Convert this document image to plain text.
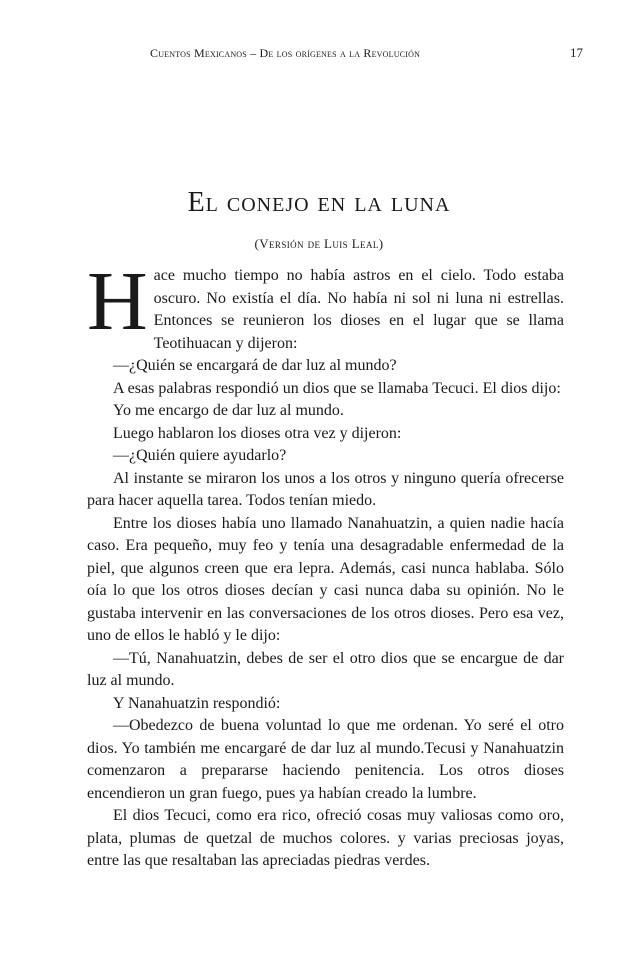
Cuentos Mexicanos – De los orígenes a la Revolución	17
El conejo en la luna
(Versión de Luis Leal)

Hace mucho tiempo no había astros en el cielo. Todo estaba oscuro. No existía el día. No había ni sol ni luna ni estrellas. Entonces se reunieron los dioses en el lugar que se llama Teotihuacan y dijeron:

—¿Quién se encargará de dar luz al mundo?

A esas palabras respondió un dios que se llamaba Tecuci. El dios dijo:

Yo me encargo de dar luz al mundo.

Luego hablaron los dioses otra vez y dijeron:

—¿Quién quiere ayudarlo?

Al instante se miraron los unos a los otros y ninguno quería ofrecerse para hacer aquella tarea. Todos tenían miedo.

Entre los dioses había uno llamado Nanahuatzin, a quien nadie hacía caso. Era pequeño, muy feo y tenía una desagradable enfermedad de la piel, que algunos creen que era lepra. Además, casi nunca hablaba. Sólo oía lo que los otros dioses decían y casi nunca daba su opinión. No le gustaba intervenir en las conversaciones de los otros dioses. Pero esa vez, uno de ellos le habló y le dijo:

—Tú, Nanahuatzin, debes de ser el otro dios que se encargue de dar luz al mundo.

Y Nanahuatzin respondió:

—Obedezco de buena voluntad lo que me ordenan. Yo seré el otro dios. Yo también me encargaré de dar luz al mundo.Tecusi y Nanahuatzin comenzaron a prepararse haciendo penitencia. Los otros dioses encendieron un gran fuego, pues ya habían creado la lumbre.

El dios Tecuci, como era rico, ofreció cosas muy valiosas como oro, plata, plumas de quetzal de muchos colores. y varias preciosas joyas, entre las que resaltaban las apreciadas piedras verdes.
